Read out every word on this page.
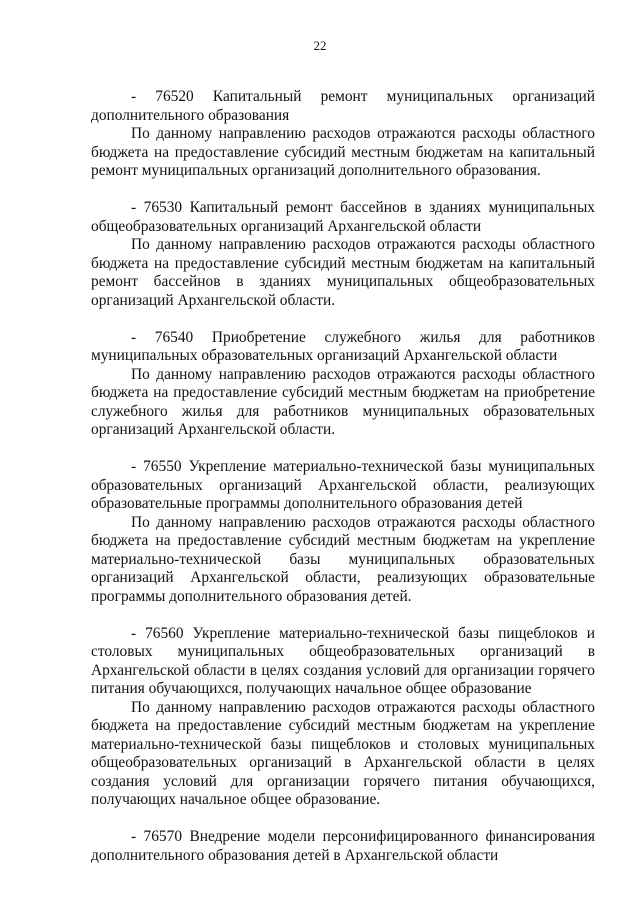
22

- 76520 Капитальный ремонт муниципальных организаций дополнительного образования

По данному направлению расходов отражаются расходы областного бюджета на предоставление субсидий местным бюджетам на капитальный ремонт муниципальных организаций дополнительного образования.

- 76530 Капитальный ремонт бассейнов в зданиях муниципальных общеобразовательных организаций Архангельской области

По данному направлению расходов отражаются расходы областного бюджета на предоставление субсидий местным бюджетам на капитальный ремонт бассейнов в зданиях муниципальных общеобразовательных организаций Архангельской области.

- 76540 Приобретение служебного жилья для работников муниципальных образовательных организаций Архангельской области

По данному направлению расходов отражаются расходы областного бюджета на предоставление субсидий местным бюджетам на приобретение служебного жилья для работников муниципальных образовательных организаций Архангельской области.

- 76550 Укрепление материально-технической базы муниципальных образовательных организаций Архангельской области, реализующих образовательные программы дополнительного образования детей

По данному направлению расходов отражаются расходы областного бюджета на предоставление субсидий местным бюджетам на укрепление материально-технической базы муниципальных образовательных организаций Архангельской области, реализующих образовательные программы дополнительного образования детей.

- 76560 Укрепление материально-технической базы пищеблоков и столовых муниципальных общеобразовательных организаций в Архангельской области в целях создания условий для организации горячего питания обучающихся, получающих начальное общее образование

По данному направлению расходов отражаются расходы областного бюджета на предоставление субсидий местным бюджетам на укрепление материально-технической базы пищеблоков и столовых муниципальных общеобразовательных организаций в Архангельской области в целях создания условий для организации горячего питания обучающихся, получающих начальное общее образование.

- 76570 Внедрение модели персонифицированного финансирования дополнительного образования детей в Архангельской области
